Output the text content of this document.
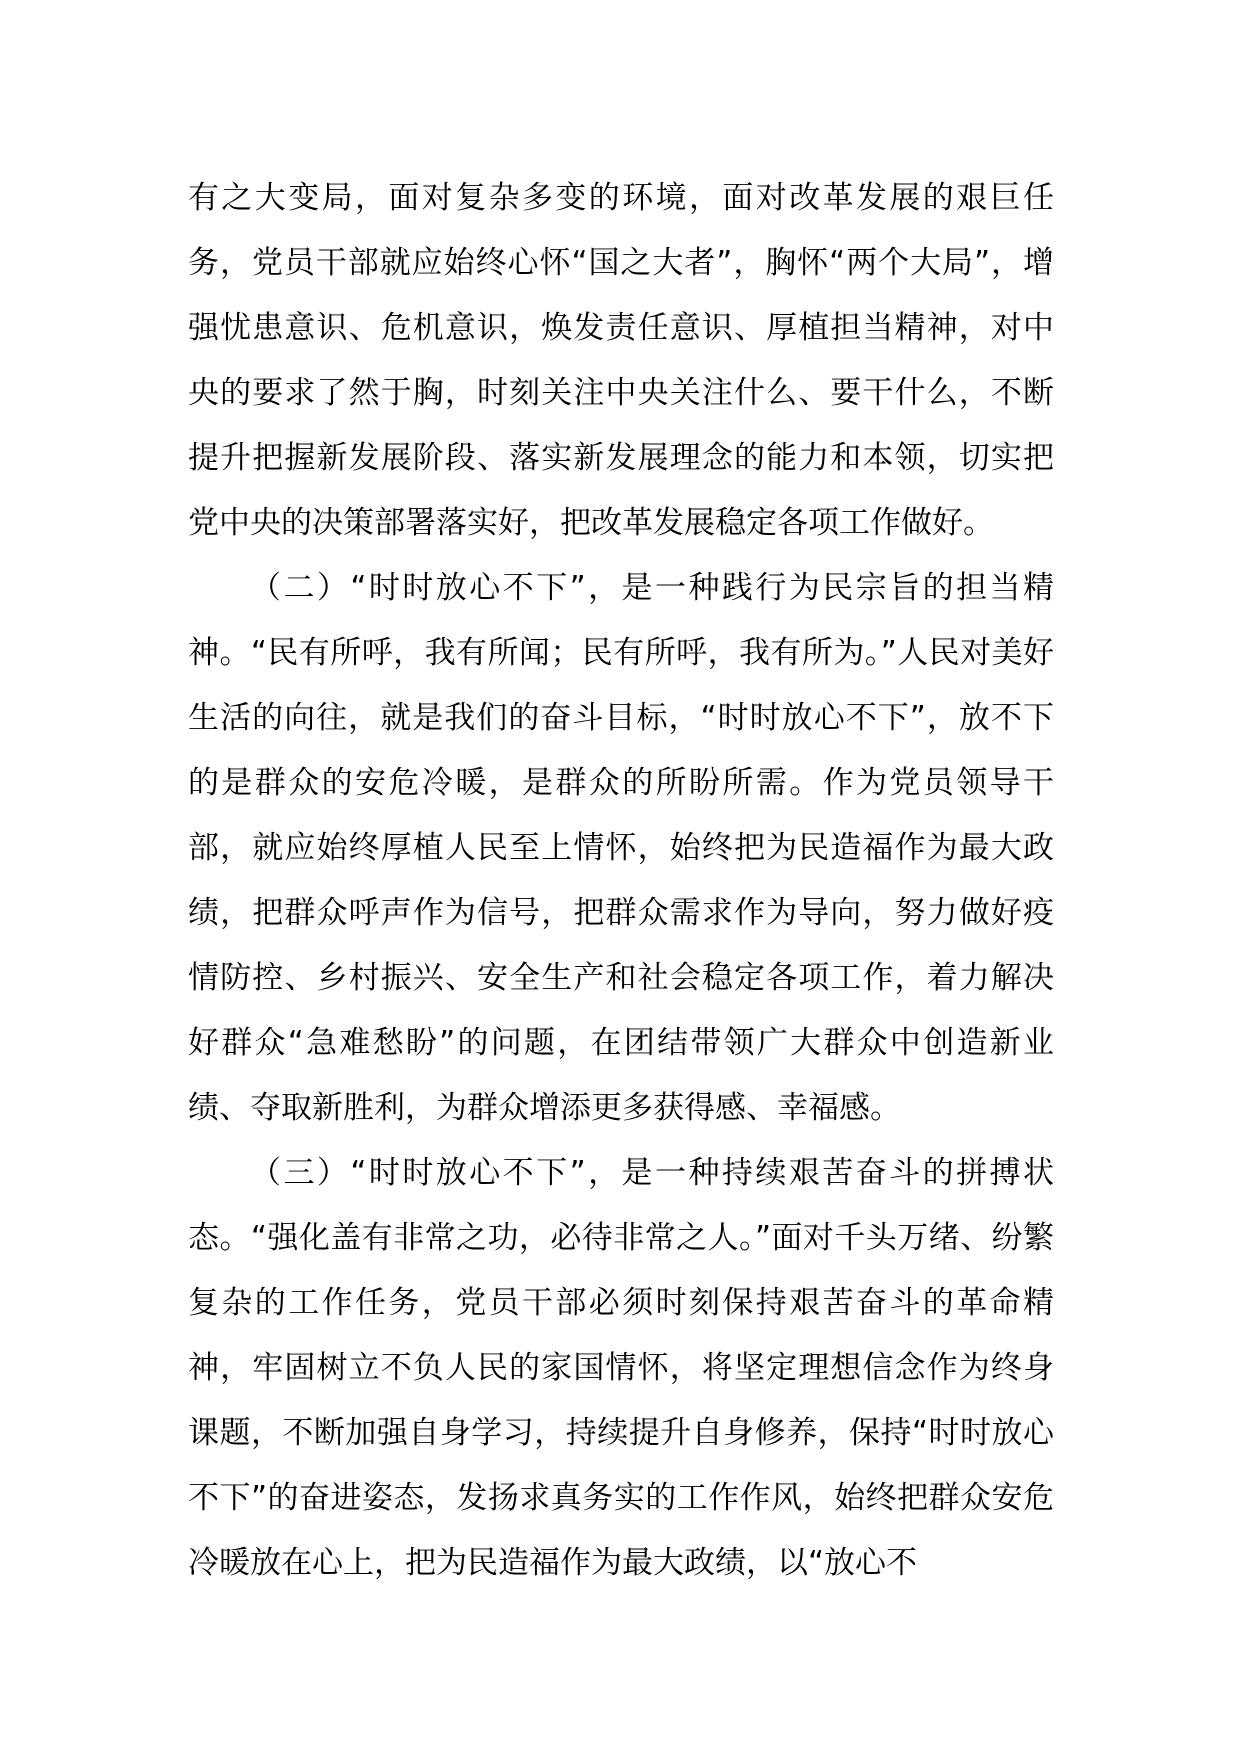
有之大变局，面对复杂多变的环境，面对改革发展的艰巨任务，党员干部就应始终心怀“国之大者”，胸怀“两个大局”，增强忧患意识、危机意识，焕发责任意识、厚植担当精神，对中央的要求了然于胸，时刻关注中央关注什么、要干什么，不断提升把握新发展阶段、落实新发展理念的能力和本领，切实把党中央的决策部署落实好，把改革发展稳定各项工作做好。

（二）“时时放心不下”，是一种践行为民宗旨的担当精神。“民有所呼，我有所闻；民有所呼，我有所为。”人民对美好生活的向往，就是我们的奋斗目标，“时时放心不下”，放不下的是群众的安危冷暖，是群众的所盼所需。作为党员领导干部，就应始终厚植人民至上情怀，始终把为民造福作为最大政绩，把群众呼声作为信号，把群众需求作为导向，努力做好疫情防控、乡村振兴、安全生产和社会稳定各项工作，着力解决好群众“急难愁盼”的问题，在团结带领广大群众中创造新业绩、夺取新胜利，为群众增添更多获得感、幸福感。

（三）“时时放心不下”，是一种持续艰苦奋斗的拼搏状态。“强化盖有非常之功，必待非常之人。”面对千头万绪、纷繁复杂的工作任务，党员干部必须时刻保持艰苦奋斗的革命精神，牢固树立不负人民的家国情怀，将坚定理想信念作为终身课题，不断加强自身学习，持续提升自身修养，保持“时时放心不下”的奋进姿态，发扬求真务实的工作作风，始终把群众安危冷暖放在心上，把为民造福作为最大政绩，以“放心不
